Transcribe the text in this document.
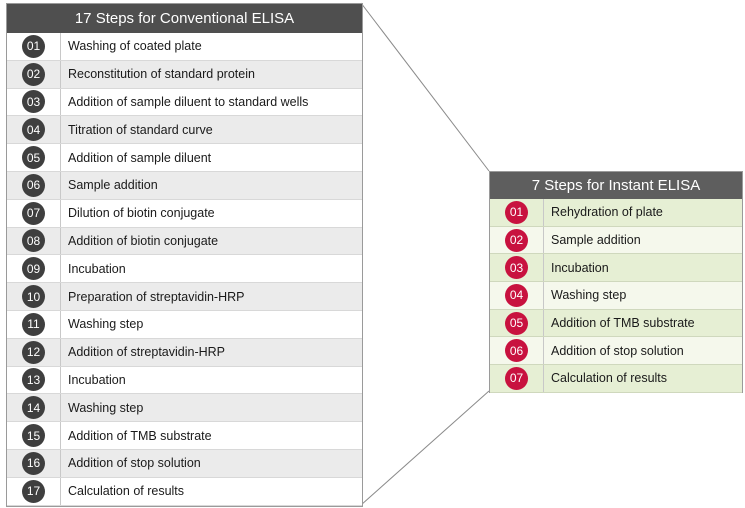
17 Steps for Conventional ELISA
01	Washing of coated plate
02	Reconstitution of standard protein
03	Addition of sample diluent to standard wells
04	Titration of standard curve
05	Addition of sample diluent
06	Sample addition
07	Dilution of biotin conjugate
08	Addition of biotin conjugate
09	Incubation
10	Preparation of streptavidin-HRP
11	Washing step
12	Addition of streptavidin-HRP
13	Incubation
14	Washing step
15	Addition of TMB substrate
16	Addition of stop solution
17	Calculation of results
7 Steps for Instant ELISA
01	Rehydration of plate
02	Sample addition
03	Incubation
04	Washing step
05	Addition of TMB substrate
06	Addition of stop solution
07	Calculation of results
